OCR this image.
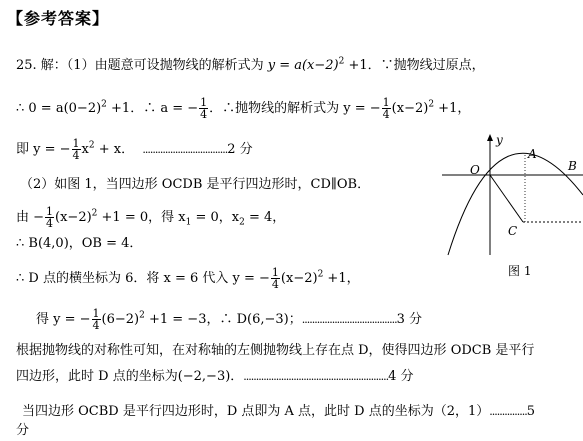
【参考答案】
25. 解：（1）由题意可设抛物线的解析式为 $y = a(x-2)^2 +1$．∵抛物线过原点，
∴ $0 = a(0-2)^2 +1$．∴ a = − $\frac{1}{4}$ ．∴抛物线的解析式为 y = − $\frac{1}{4} (x-2)^2 +1$，
即 y = − $\frac{1}{4} x^2 + x$． ..................................2 分
（2）如图 1，当四边形 OCDB 是平行四边形时，CD∥OB．
由 − $\frac{1}{4} (x-2)^2 +1 = 0$，得 $x_1 = 0$，$x_2 = 4$，
∴ B(4,0)，OB = 4．
∴ D 点的横坐标为 6．将 x = 6 代入 y = − $\frac{1}{4} (x-2)^2 +1$，
得 y = − $\frac{1}{4} (6-2)^2 +1 = -3$，∴ D(6,−3)；......................................3 分
根据抛物线的对称性可知，在对称轴的左侧抛物线上存在点 D，使得四边形 ODCB 是平行
四边形，此时 D 点的坐标为(−2,−3)．..........................................................4 分
当四边形 OCBD 是平行四边形时，D 点即为 A 点，此时 D 点的坐标为（2，1）...............5
分
y
A
B
O
C
图 1
